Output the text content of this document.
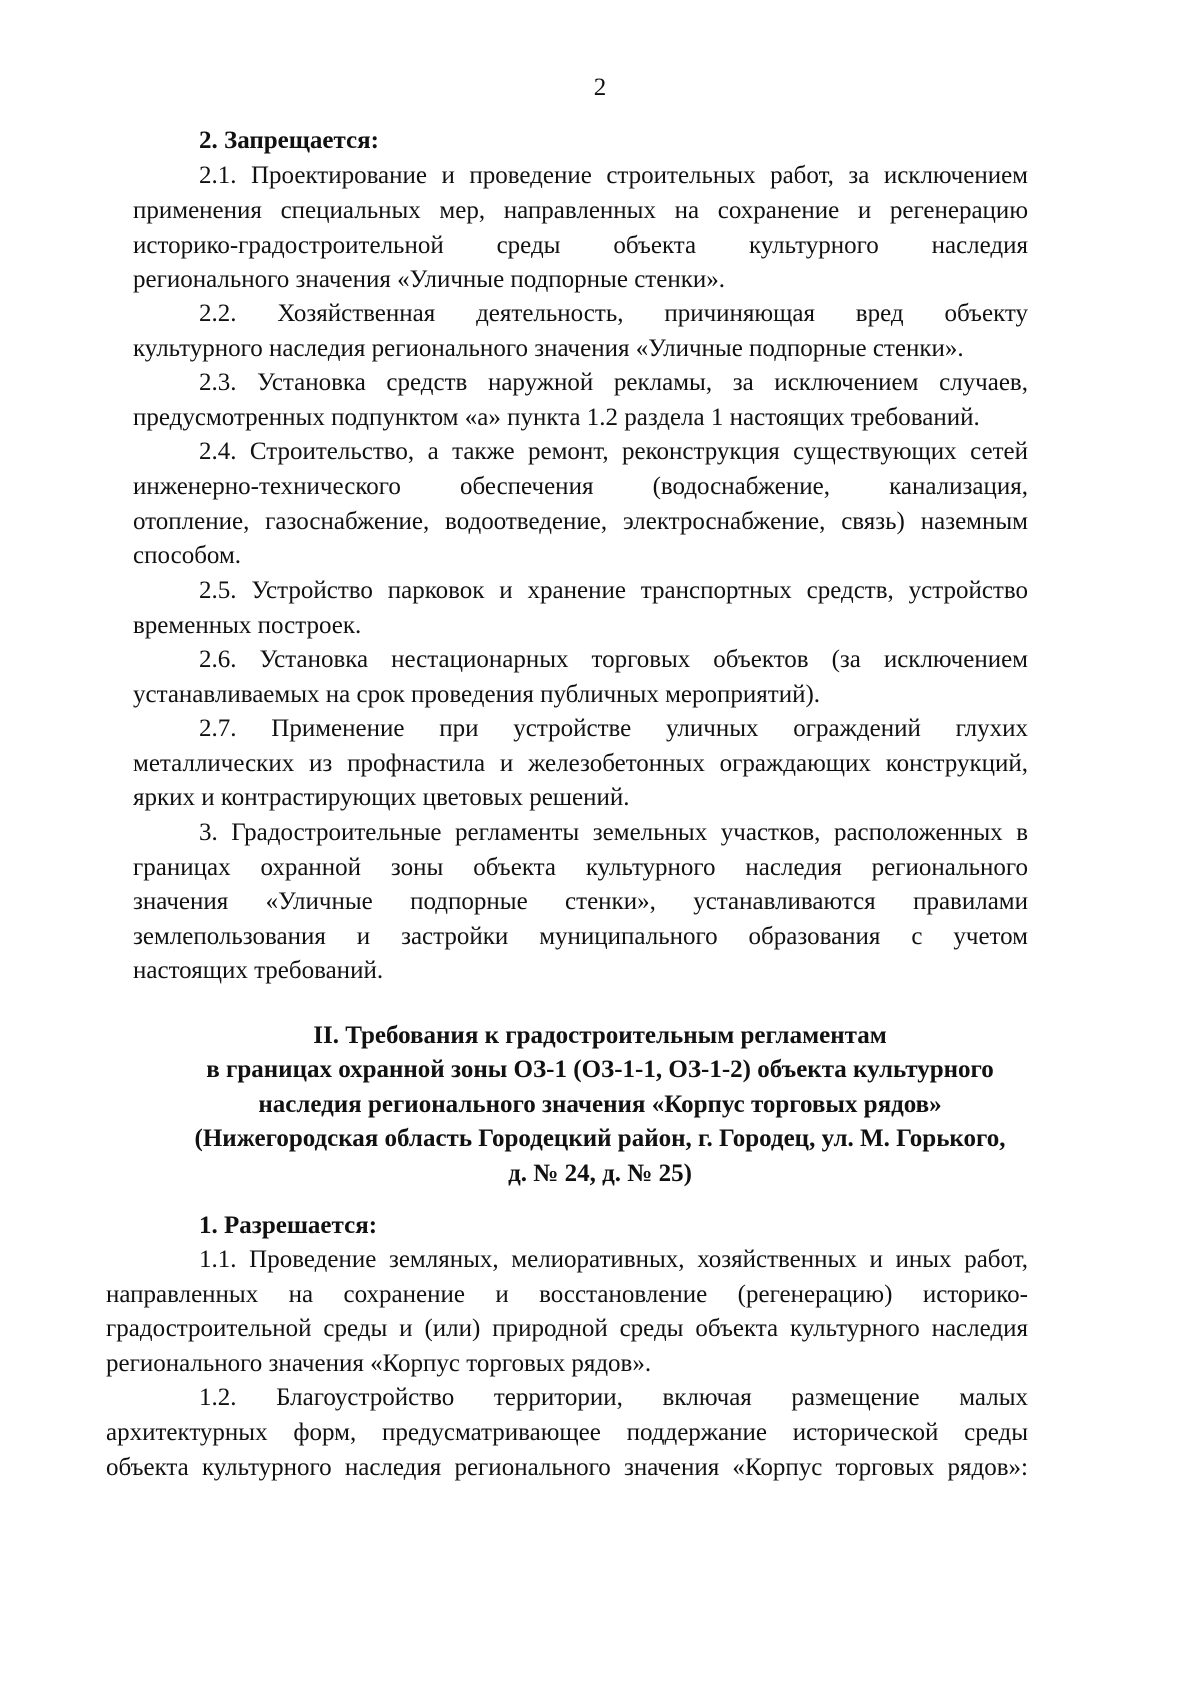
2
2. Запрещается:
2.1. Проектирование и проведение строительных работ, за исключением
применения специальных мер, направленных на сохранение и регенерацию
историко-градостроительной среды объекта культурного наследия
регионального значения «Уличные подпорные стенки».
2.2. Хозяйственная деятельность, причиняющая вред объекту
культурного наследия регионального значения «Уличные подпорные стенки».
2.3. Установка средств наружной рекламы, за исключением случаев,
предусмотренных подпунктом «а» пункта 1.2 раздела 1 настоящих требований.
2.4. Строительство, а также ремонт, реконструкция существующих сетей
инженерно-технического обеспечения (водоснабжение, канализация,
отопление, газоснабжение, водоотведение, электроснабжение, связь) наземным
способом.
2.5. Устройство парковок и хранение транспортных средств, устройство
временных построек.
2.6. Установка нестационарных торговых объектов (за исключением
устанавливаемых на срок проведения публичных мероприятий).
2.7. Применение при устройстве уличных ограждений глухих
металлических из профнастила и железобетонных ограждающих конструкций,
ярких и контрастирующих цветовых решений.
3. Градостроительные регламенты земельных участков, расположенных в
границах охранной зоны объекта культурного наследия регионального
значения «Уличные подпорные стенки», устанавливаются правилами
землепользования и застройки муниципального образования с учетом
настоящих требований.
II. Требования к градостроительным регламентам
в границах охранной зоны ОЗ-1 (ОЗ-1-1, ОЗ-1-2) объекта культурного
наследия регионального значения «Корпус торговых рядов»
(Нижегородская область Городецкий район, г. Городец, ул. М. Горького,
д. № 24, д. № 25)
1. Разрешается:
1.1. Проведение земляных, мелиоративных, хозяйственных и иных работ,
направленных на сохранение и восстановление (регенерацию) историко-
градостроительной среды и (или) природной среды объекта культурного наследия
регионального значения «Корпус торговых рядов».
1.2. Благоустройство территории, включая размещение малых
архитектурных форм, предусматривающее поддержание исторической среды
объекта культурного наследия регионального значения «Корпус торговых рядов»:
